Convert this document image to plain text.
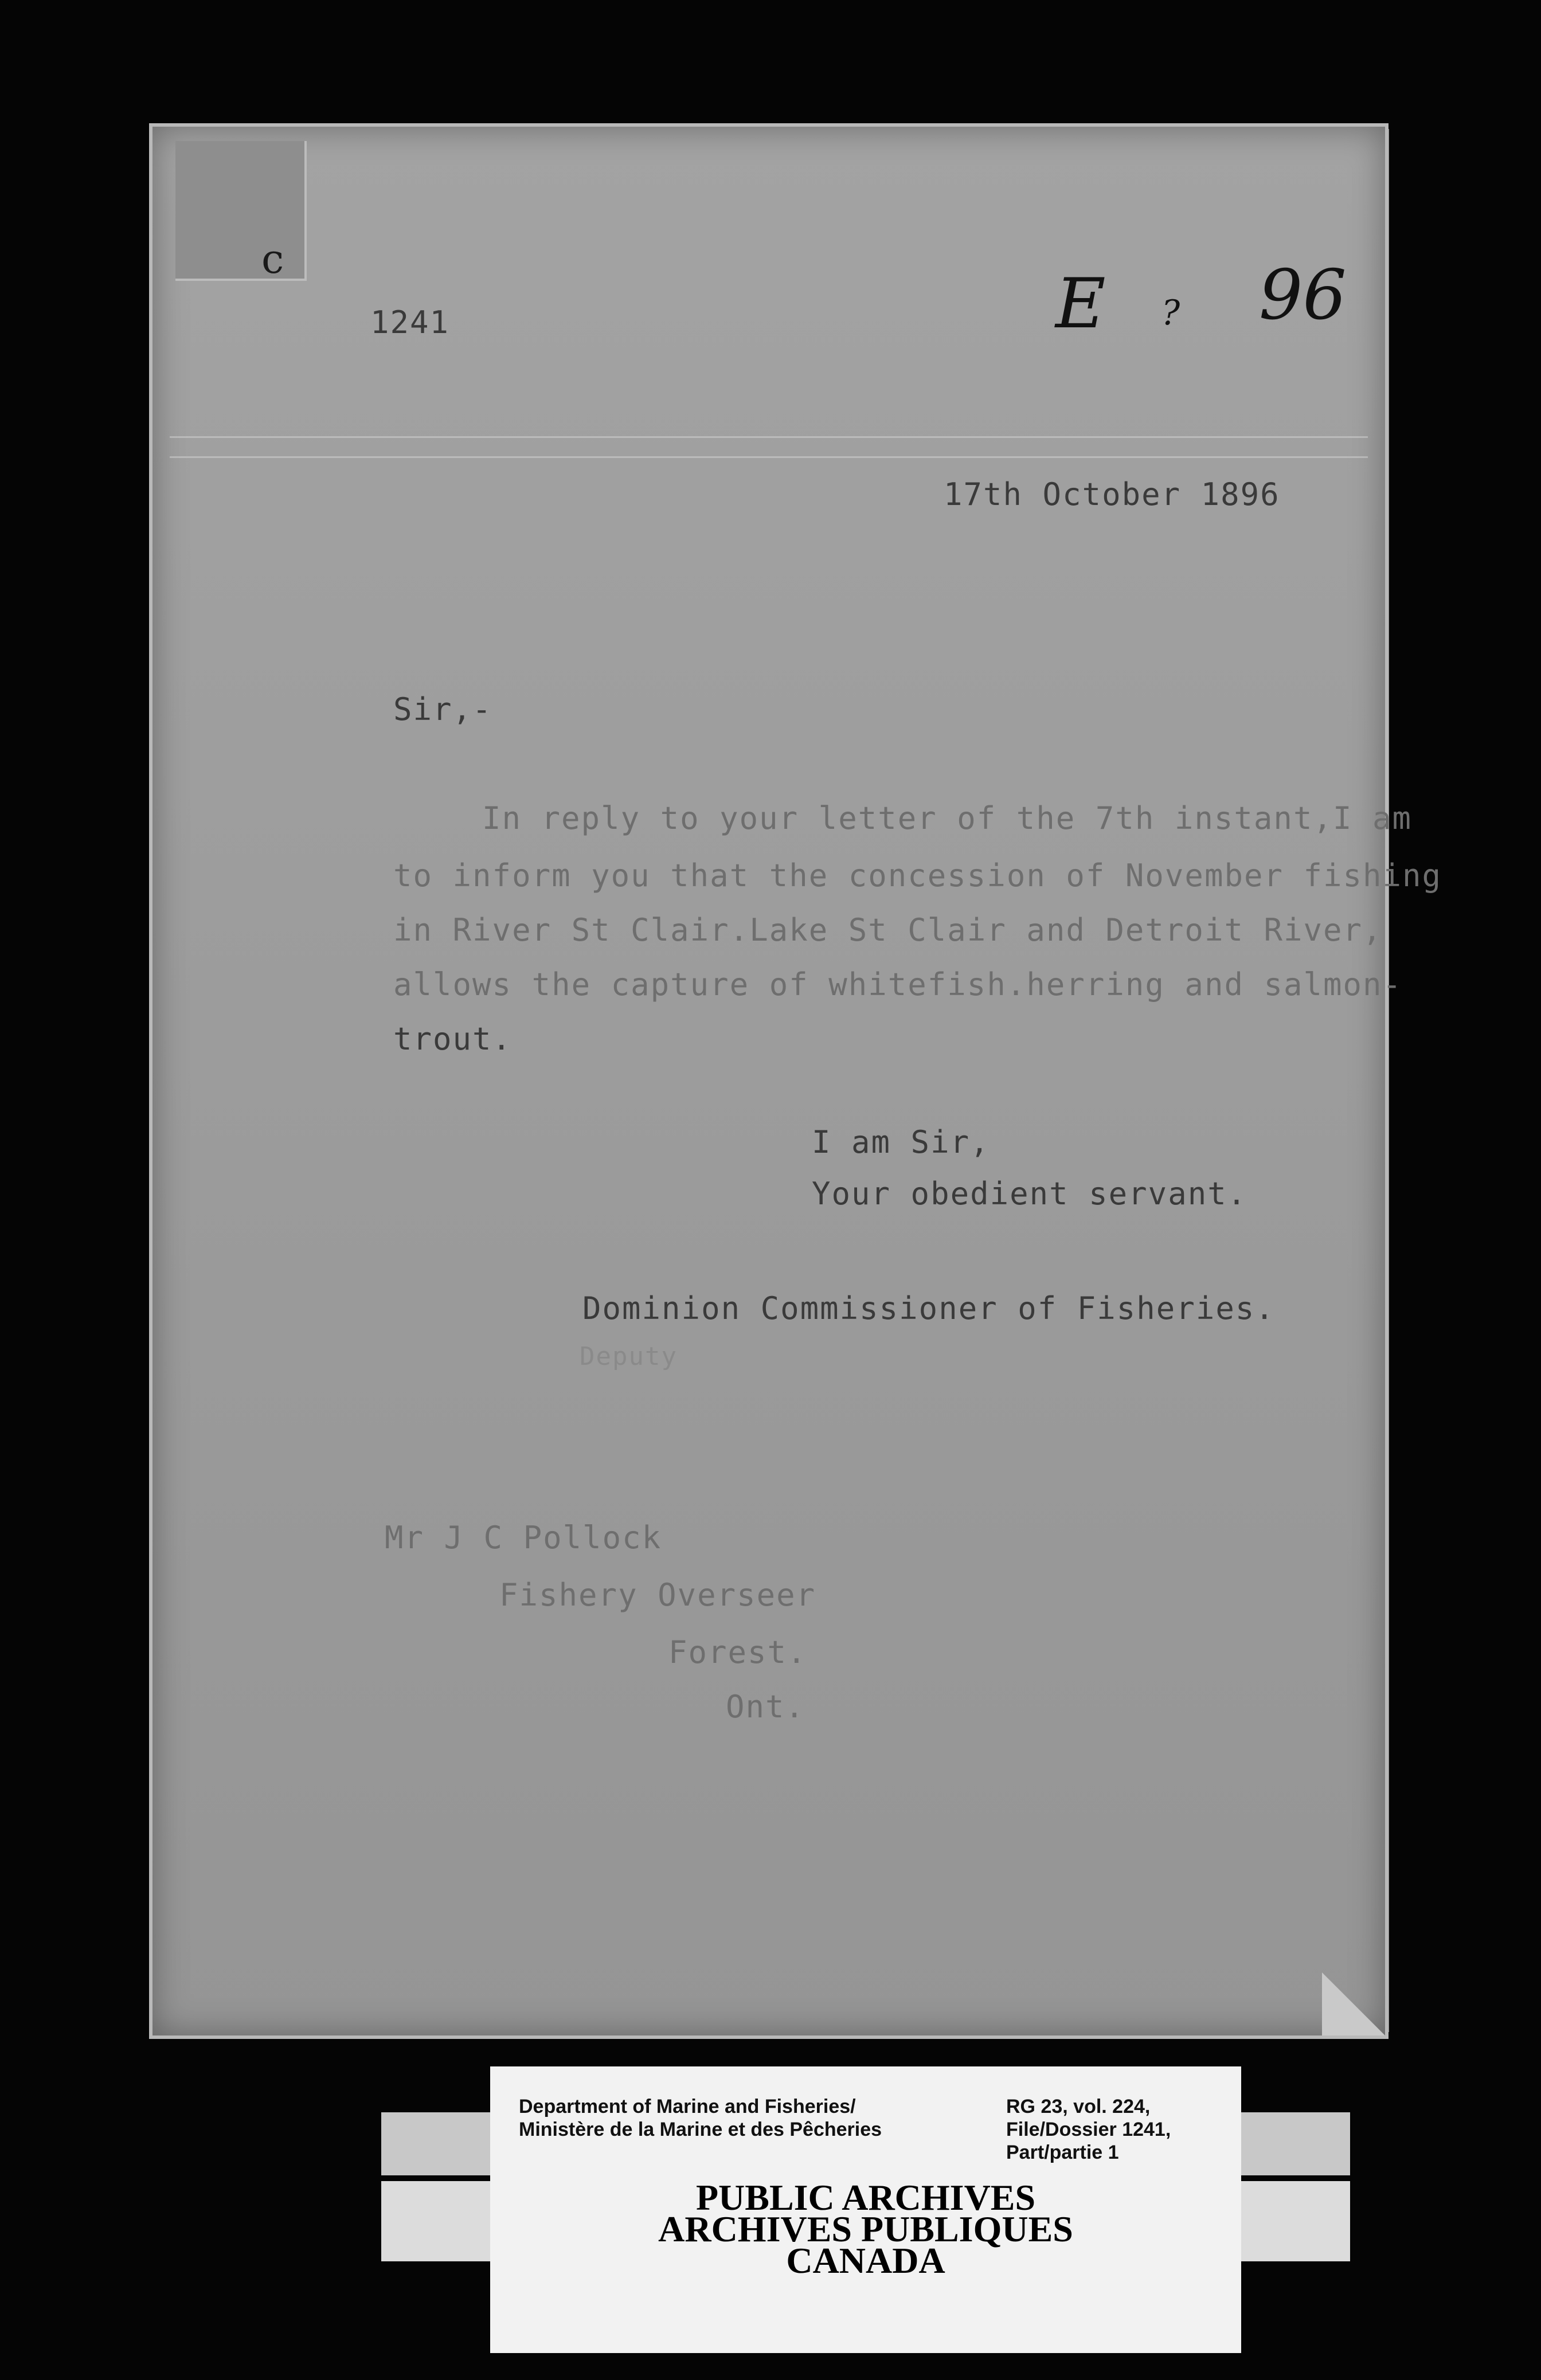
c
1241	E ? 96
17th October 1896
Sir,-
In reply to your letter of the 7th instant,I am
to inform you that the concession of November fishing
in River St Clair.Lake St Clair and Detroit River,
allows the capture of whitefish.herring and salmon-
trout.
I am Sir,
Your obedient servant.
Dominion Commissioner of Fisheries.
Deputy
Mr J C Pollock
Fishery Overseer
Forest.
Ont.
Department of Marine and Fisheries/
Ministère de la Marine et des Pêcheries
RG 23, vol. 224,
File/Dossier 1241,
Part/partie 1
PUBLIC ARCHIVES
ARCHIVES PUBLIQUES
CANADA
